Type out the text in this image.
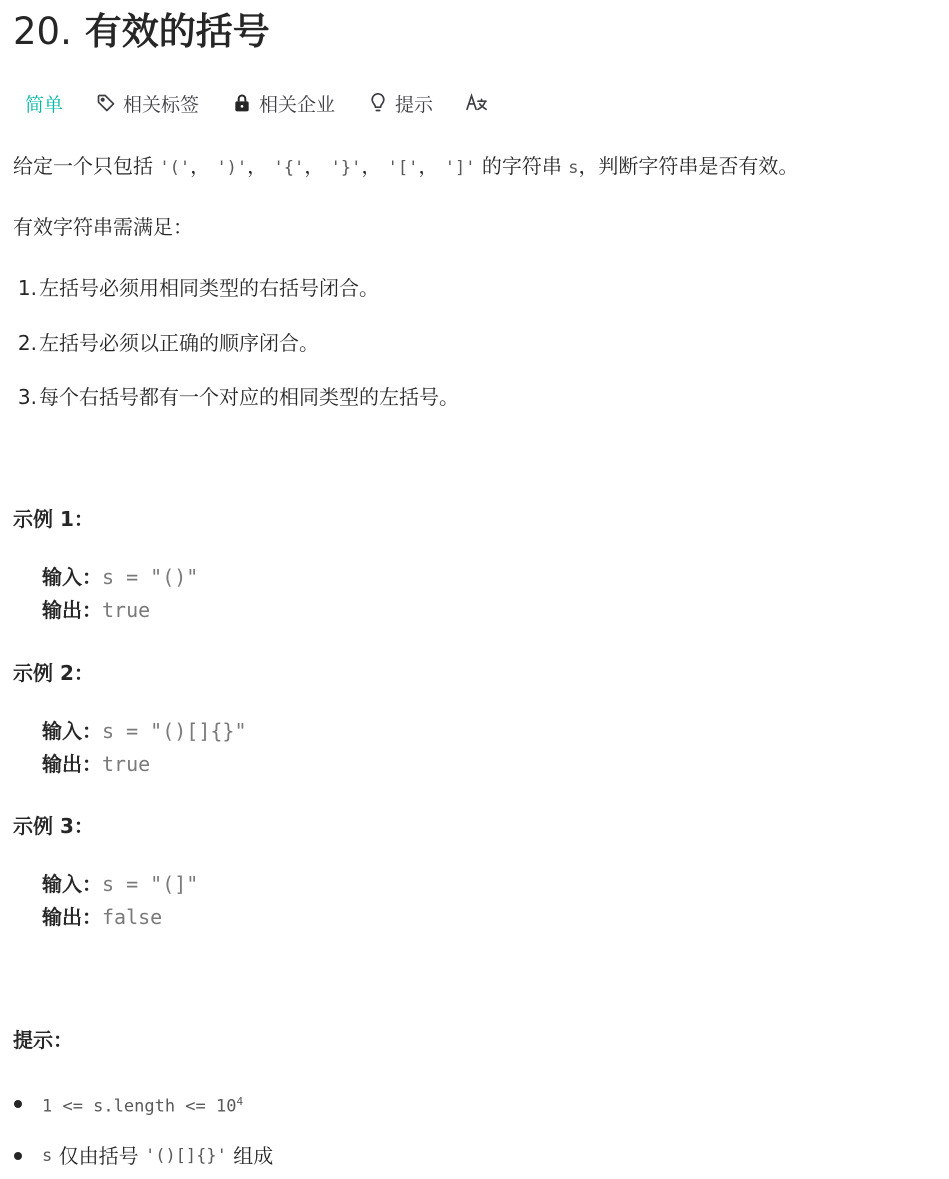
20. 有效的括号
简单	相关标签	相关企业	提示

给定一个只包括 '('， ')'， '{'， '}'， '['， ']' 的字符串 s，判断字符串是否有效。

有效字符串需满足：

1. 左括号必须用相同类型的右括号闭合。

2. 左括号必须以正确的顺序闭合。

3. 每个右括号都有一个对应的相同类型的左括号。

示例 1：
输入：s = "()"
输出：true
示例 2：
输入：s = "()[]{}"
输出：true
示例 3：
输入：s = "(]"
输出：false
提示：
1 <= s.length <= $10^4$
s
仅由括号
'()[]{}'
组成
